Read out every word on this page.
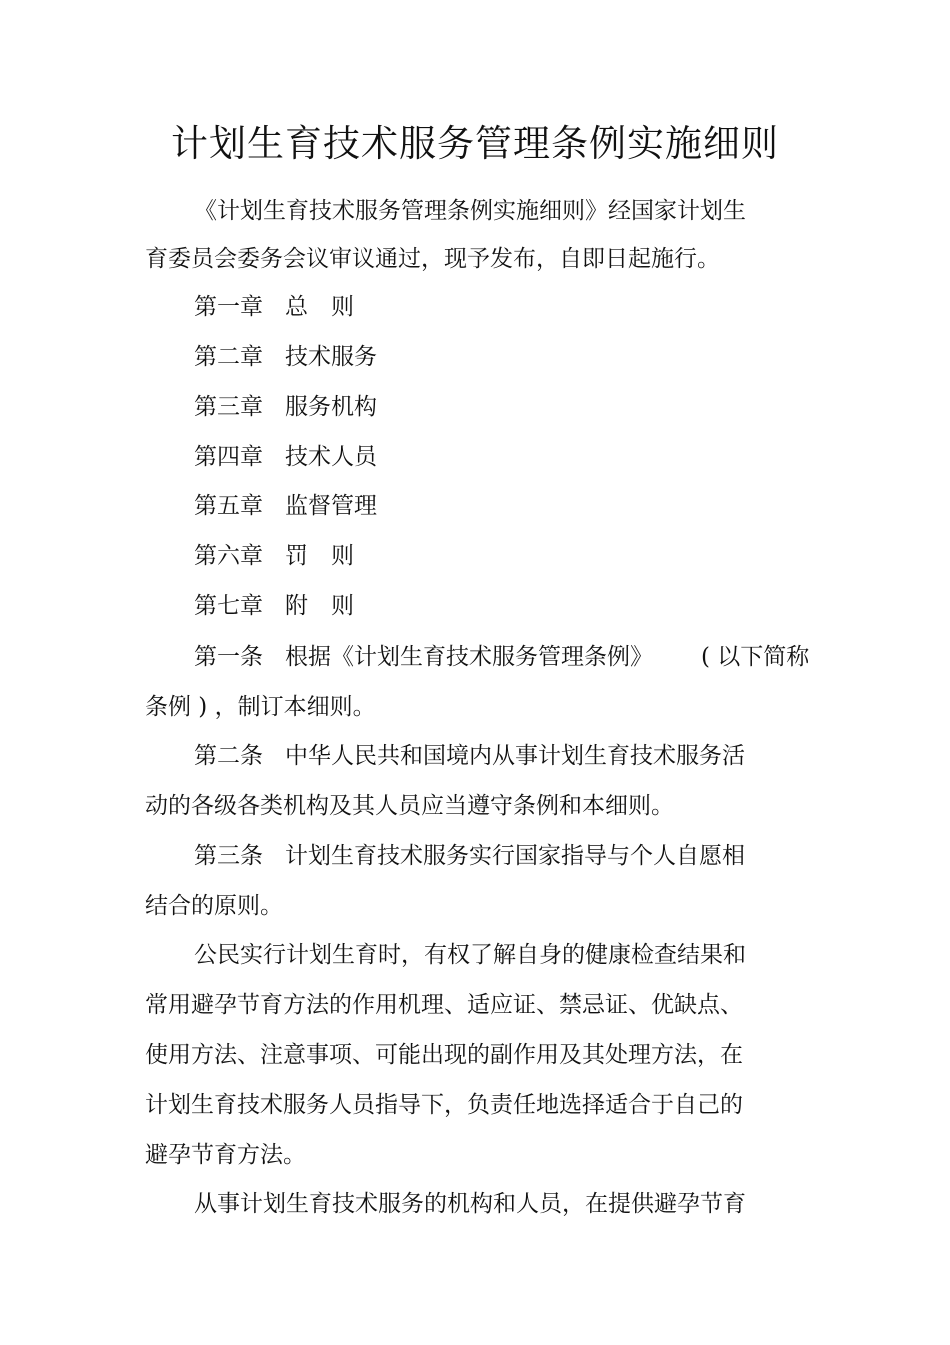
计划生育技术服务管理条例实施细则
《计划生育技术服务管理条例实施细则》经国家计划生
育委员会委务会议审议通过，现予发布，自即日起施行。
第一章 总　则
第二章 技术服务
第三章 服务机构
第四章 技术人员
第五章 监督管理
第六章 罚　则
第七章 附　则
第一条 根据《计划生育技术服务管理条例》 ( 以下简称
条例 ) ，制订本细则。
第二条 中华人民共和国境内从事计划生育技术服务活
动的各级各类机构及其人员应当遵守条例和本细则。
第三条 计划生育技术服务实行国家指导与个人自愿相
结合的原则。
公民实行计划生育时，有权了解自身的健康检查结果和
常用避孕节育方法的作用机理、适应证、禁忌证、优缺点、
使用方法、注意事项、可能出现的副作用及其处理方法，在
计划生育技术服务人员指导下，负责任地选择适合于自己的
避孕节育方法。
从事计划生育技术服务的机构和人员，在提供避孕节育
